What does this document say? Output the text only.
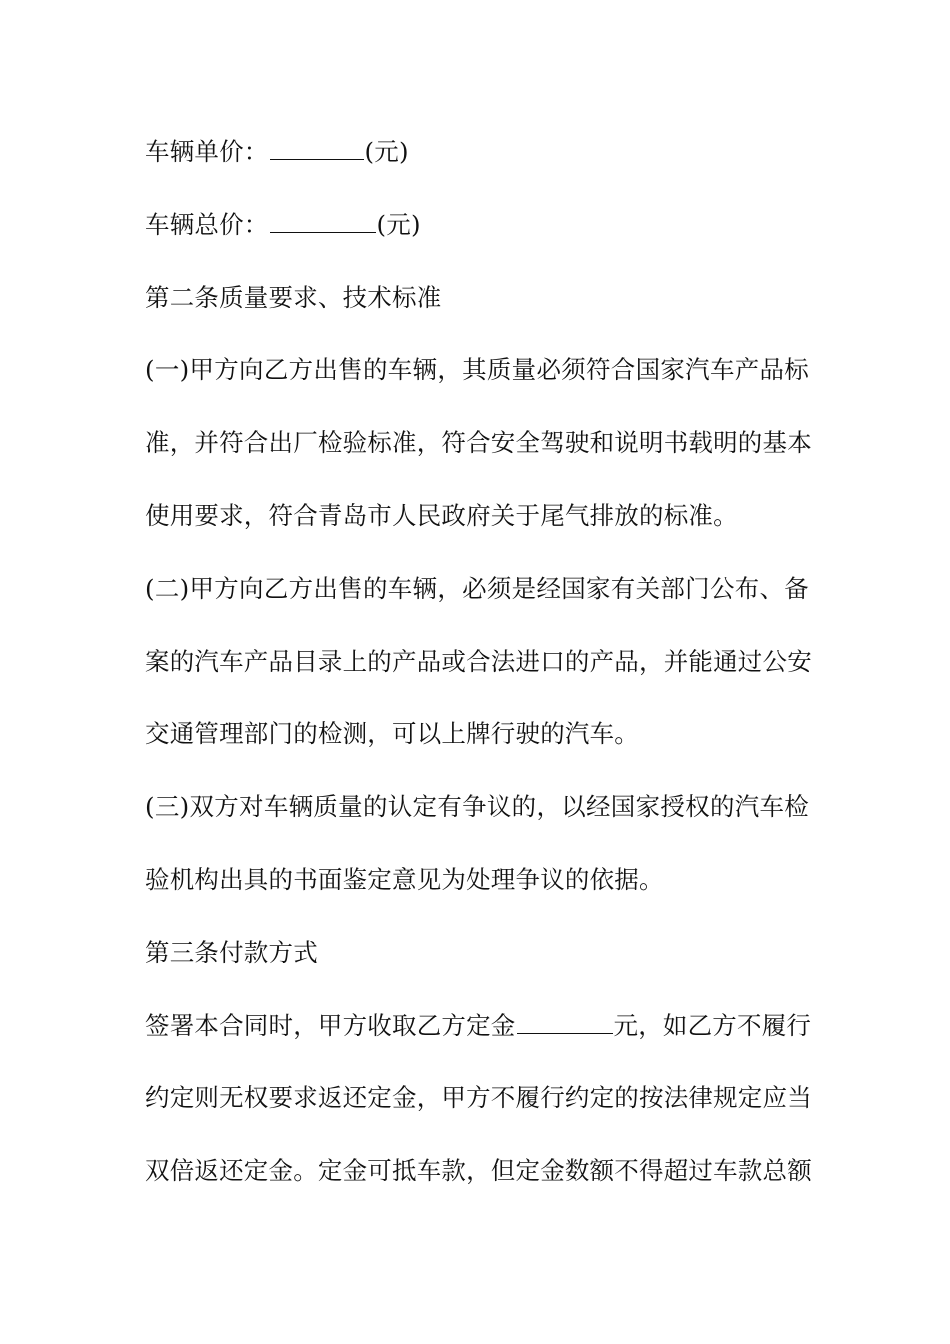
车辆单价：	(元)
车辆总价：	(元)
第二条质量要求、技术标准
(一)甲方向乙方出售的车辆，其质量必须符合国家汽车产品标
准，并符合出厂检验标准，符合安全驾驶和说明书载明的基本
使用要求，符合青岛市人民政府关于尾气排放的标准。
(二)甲方向乙方出售的车辆，必须是经国家有关部门公布、备
案的汽车产品目录上的产品或合法进口的产品，并能通过公安
交通管理部门的检测，可以上牌行驶的汽车。
(三)双方对车辆质量的认定有争议的，以经国家授权的汽车检
验机构出具的书面鉴定意见为处理争议的依据。
第三条付款方式
签署本合同时，甲方收取乙方定金	元，如乙方不履行
约定则无权要求返还定金，甲方不履行约定的按法律规定应当
双倍返还定金。定金可抵车款，但定金数额不得超过车款总额
